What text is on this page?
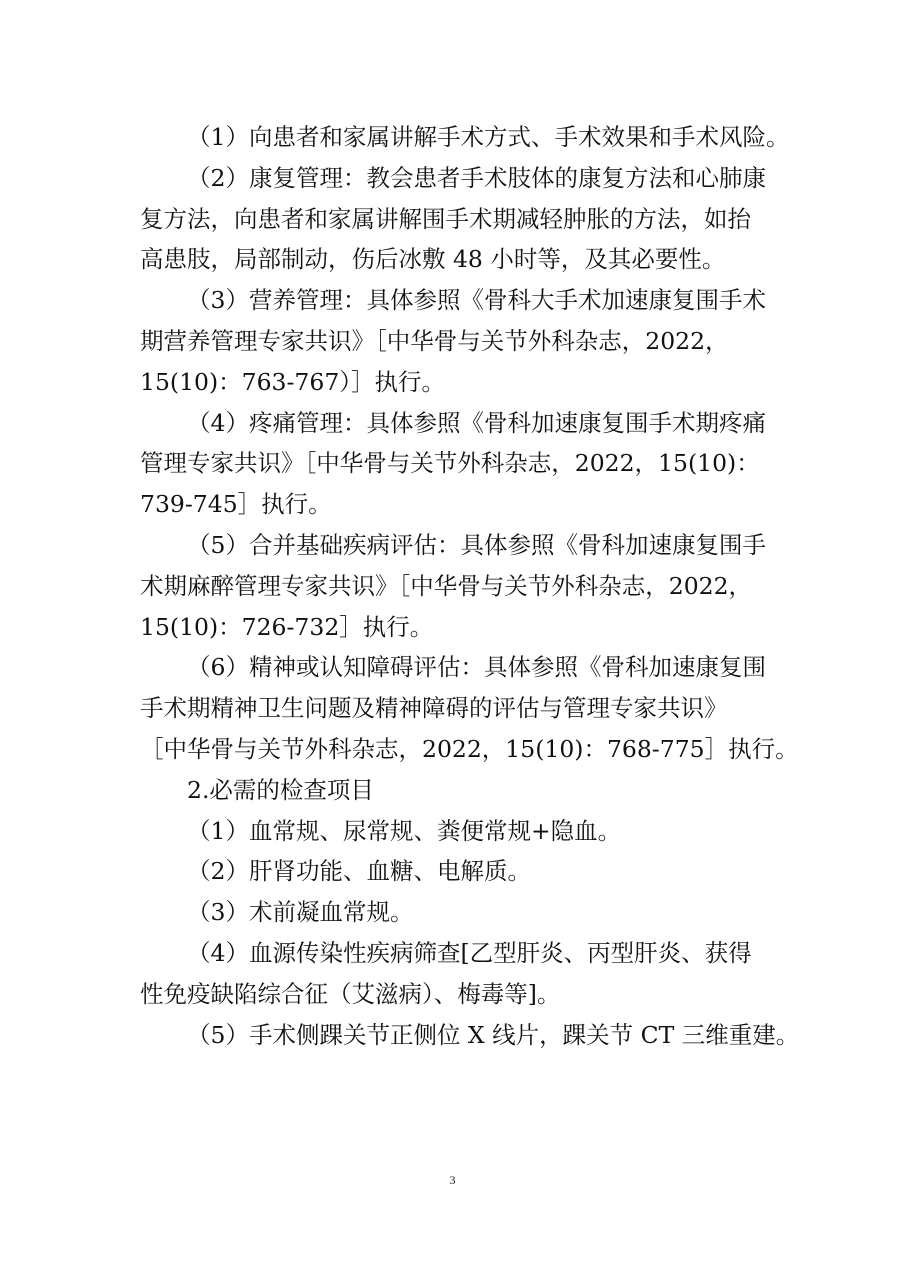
（1）向患者和家属讲解手术方式、手术效果和手术风险。

（2）康复管理：教会患者手术肢体的康复方法和心肺康
复方法，向患者和家属讲解围手术期减轻肿胀的方法，如抬
高患肢，局部制动，伤后冰敷 48 小时等，及其必要性。

（3）营养管理：具体参照《骨科大手术加速康复围手术
期营养管理专家共识》［中华骨与关节外科杂志，2022，
15(10)：763-767）］执行。

（4）疼痛管理：具体参照《骨科加速康复围手术期疼痛
管理专家共识》［中华骨与关节外科杂志，2022，15(10)：
739-745］执行。

（5）合并基础疾病评估：具体参照《骨科加速康复围手
术期麻醉管理专家共识》［中华骨与关节外科杂志，2022，
15(10)：726-732］执行。

（6）精神或认知障碍评估：具体参照《骨科加速康复围
手术期精神卫生问题及精神障碍的评估与管理专家共识》
［中华骨与关节外科杂志，2022，15(10)：768-775］执行。

2.必需的检查项目

（1）血常规、尿常规、粪便常规+隐血。

（2）肝肾功能、血糖、电解质。

（3）术前凝血常规。

（4）血源传染性疾病筛查[乙型肝炎、丙型肝炎、获得
性免疫缺陷综合征（艾滋病）、梅毒等]。

（5）手术侧踝关节正侧位 X 线片，踝关节 CT 三维重建。

3
